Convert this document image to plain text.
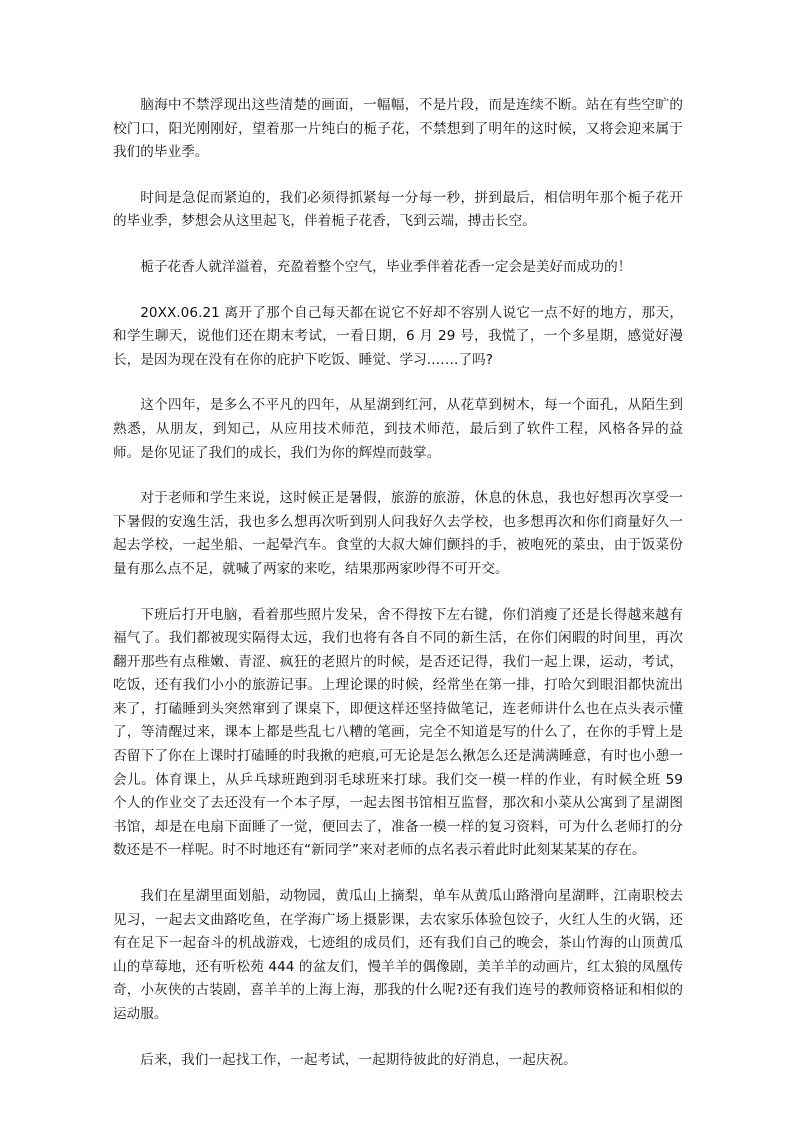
脑海中不禁浮现出这些清楚的画面，一幅幅，不是片段，而是连续不断。站在有些空旷的校门口，阳光刚刚好，望着那一片纯白的栀子花，不禁想到了明年的这时候，又将会迎来属于我们的毕业季。

时间是急促而紧迫的，我们必须得抓紧每一分每一秒，拼到最后，相信明年那个栀子花开的毕业季，梦想会从这里起飞，伴着栀子花香，飞到云端，搏击长空。

栀子花香人就洋溢着，充盈着整个空气，毕业季伴着花香一定会是美好而成功的！

20XX.06.21 离开了那个自己每天都在说它不好却不容别人说它一点不好的地方，那天，和学生聊天，说他们还在期末考试，一看日期，6 月 29 号，我慌了，一个多星期，感觉好漫长，是因为现在没有在你的庇护下吃饭、睡觉、学习.……了吗?

这个四年，是多么不平凡的四年，从星湖到红河，从花草到树木，每一个面孔，从陌生到熟悉，从朋友，到知己，从应用技术师范，到技术师范，最后到了软件工程，风格各异的益师。是你见证了我们的成长，我们为你的辉煌而鼓掌。

对于老师和学生来说，这时候正是暑假，旅游的旅游，休息的休息，我也好想再次享受一下暑假的安逸生活，我也多么想再次听到别人问我好久去学校，也多想再次和你们商量好久一起去学校，一起坐船、一起晕汽车。食堂的大叔大婶们颤抖的手，被咆死的菜虫，由于饭菜份量有那么点不足，就喊了两家的来吃，结果那两家吵得不可开交。

下班后打开电脑，看着那些照片发呆，舍不得按下左右键，你们消瘦了还是长得越来越有福气了。我们都被现实隔得太远，我们也将有各自不同的新生活，在你们闲暇的时间里，再次翻开那些有点稚嫩、青涩、疯狂的老照片的时候，是否还记得，我们一起上课，运动，考试，吃饭，还有我们小小的旅游记事。上理论课的时候，经常坐在第一排，打哈欠到眼泪都快流出来了，打磕睡到头突然窜到了课桌下，即便这样还坚持做笔记，连老师讲什么也在点头表示懂了，等清醒过来，课本上都是些乱七八糟的笔画，完全不知道是写的什么了，在你的手臂上是否留下了你在上课时打磕睡的时我揪的疤痕,可无论是怎么揪怎么还是满满睡意，有时也小憩一会儿。体育课上，从乒乓球班跑到羽毛球班来打球。我们交一模一样的作业，有时候全班 59 个人的作业交了去还没有一个本子厚，一起去图书馆相互监督，那次和小菜从公寓到了星湖图书馆，却是在电扇下面睡了一觉，便回去了，准备一模一样的复习资料，可为什么老师打的分数还是不一样呢。时不时地还有“新同学”来对老师的点名表示着此时此刻某某某的存在。

我们在星湖里面划船，动物园，黄瓜山上摘梨，单车从黄瓜山路滑向星湖畔，江南职校去见习，一起去文曲路吃鱼，在学海广场上摄影课，去农家乐体验包饺子，火红人生的火锅，还有在足下一起奋斗的机战游戏，七迹组的成员们，还有我们自己的晚会，茶山竹海的山顶黄瓜山的草莓地，还有听松苑 444 的盆友们，慢羊羊的偶像剧，美羊羊的动画片，红太狼的凤凰传奇，小灰侠的古装剧，喜羊羊的上海上海，那我的什么呢?还有我们连号的教师资格证和相似的运动服。

后来，我们一起找工作，一起考试，一起期待彼此的好消息，一起庆祝。
